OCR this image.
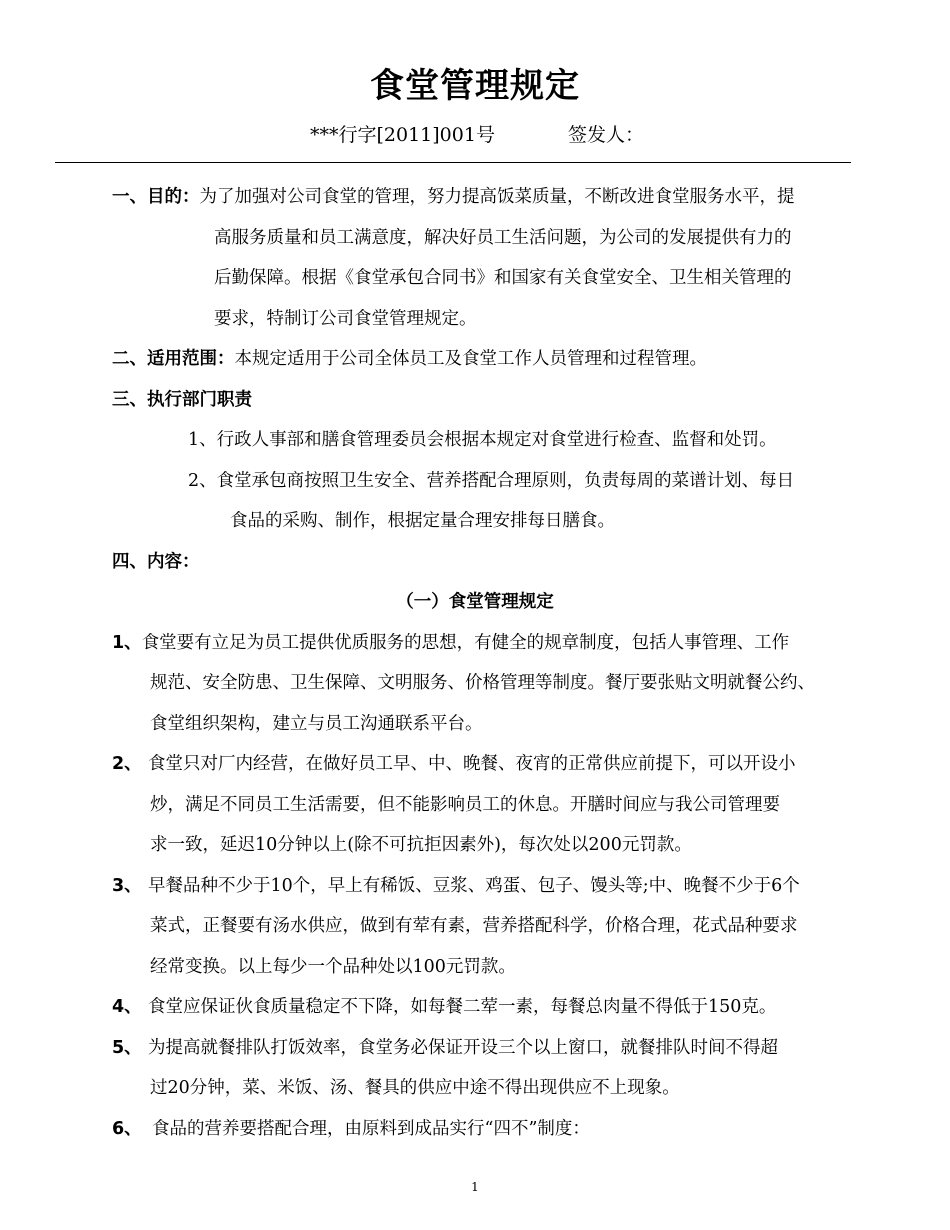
食堂管理规定
***行字[2011]001号	签发人：
一、目的：为了加强对公司食堂的管理，努力提高饭菜质量，不断改进食堂服务水平，提
高服务质量和员工满意度，解决好员工生活问题，为公司的发展提供有力的
后勤保障。根据《食堂承包合同书》和国家有关食堂安全、卫生相关管理的
要求，特制订公司食堂管理规定。
二、适用范围：本规定适用于公司全体员工及食堂工作人员管理和过程管理。
三、执行部门职责
1、行政人事部和膳食管理委员会根据本规定对食堂进行检查、监督和处罚。
2、食堂承包商按照卫生安全、营养搭配合理原则，负责每周的菜谱计划、每日
食品的采购、制作，根据定量合理安排每日膳食。
四、内容：
（一）食堂管理规定
1、食堂要有立足为员工提供优质服务的思想，有健全的规章制度，包括人事管理、工作
规范、安全防患、卫生保障、文明服务、价格管理等制度。餐厅要张贴文明就餐公约、
食堂组织架构，建立与员工沟通联系平台。
2、 食堂只对厂内经营，在做好员工早、中、晚餐、夜宵的正常供应前提下，可以开设小
炒，满足不同员工生活需要，但不能影响员工的休息。开膳时间应与我公司管理要
求一致，延迟10分钟以上(除不可抗拒因素外)，每次处以200元罚款。
3、 早餐品种不少于10个，早上有稀饭、豆浆、鸡蛋、包子、馒头等;中、晚餐不少于6个
菜式，正餐要有汤水供应，做到有荤有素，营养搭配科学，价格合理，花式品种要求
经常变换。以上每少一个品种处以100元罚款。
4、 食堂应保证伙食质量稳定不下降，如每餐二荤一素，每餐总肉量不得低于150克。
5、 为提高就餐排队打饭效率，食堂务必保证开设三个以上窗口，就餐排队时间不得超
过20分钟，菜、米饭、汤、餐具的供应中途不得出现供应不上现象。
6、 食品的营养要搭配合理，由原料到成品实行“四不”制度：
1
